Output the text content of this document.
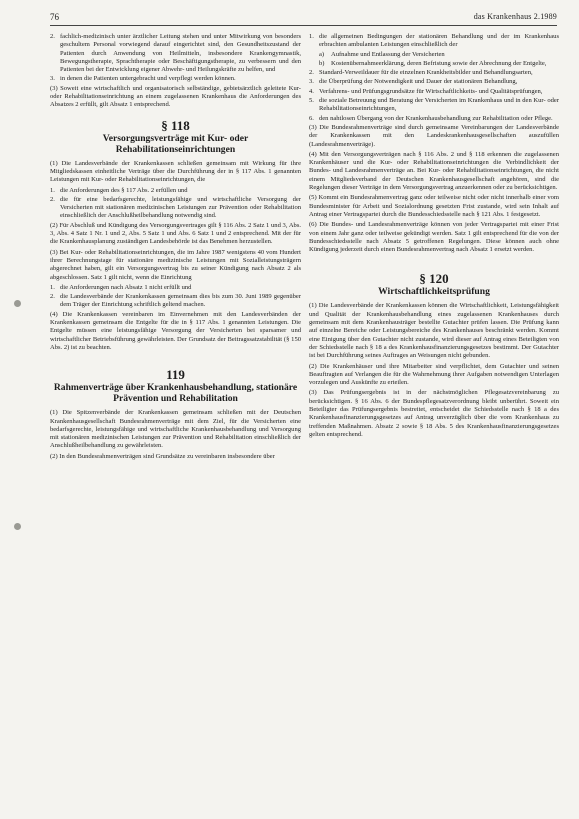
76	das Krankenhaus 2.1989
2. fachlich-medizinisch unter ärztlicher Leitung stehen und unter Mitwirkung von besonders geschultem Personal vorwiegend darauf eingerichtet sind, den Gesundheitszustand der Patienten durch Anwendung von Heilmitteln, insbesondere Krankengymnastik, Bewegungstherapie, Sprachtherapie oder Beschäftigungstherapie, zu verbessern und den Patienten bei der Entwicklung eigener Abwehr- und Heilungskräfte zu helfen, und
3. in denen die Patienten untergebracht und verpflegt werden können.
(3) Soweit eine wirtschaftlich und organisatorisch selbständige, gebietsärztlich geleitete Kur- oder Rehabilitationseinrichtung an einem zugelassenen Krankenhaus die Anforderungen des Absatzes 2 erfüllt, gilt Absatz 1 entsprechend.
§ 118
Versorgungsverträge mit Kur- oder Rehabilitationseinrichtungen
(1) Die Landesverbände der Krankenkassen schließen gemeinsam mit Wirkung für ihre Mitgliedskassen einheitliche Verträge über die Durchführung der in § 117 Abs. 1 genannten Leistungen mit Kur- oder Rehabilitationseinrichtungen, die
1. die Anforderungen des § 117 Abs. 2 erfüllen und
2. die für eine bedarfsgerechte, leistungsfähige und wirtschaftliche Versorgung der Versicherten mit stationären medizinischen Leistungen zur Prävention oder Rehabilitation einschließlich der Anschlußheilbehandlung notwendig sind.
(2) Für Abschluß und Kündigung des Versorgungsvertrages gilt § 116 Abs. 2 Satz 1 und 3, Abs. 3, Abs. 4 Satz 1 Nr. 1 und 2, Abs. 5 Satz 1 und Abs. 6 Satz 1 und 2 entsprechend. Mit der für die Krankenhausplanung zuständigen Landesbehörde ist das Benehmen herzustellen.
(3) Bei Kur- oder Rehabilitationseinrichtungen, die im Jahre 1987 wenigstens 40 vom Hundert ihrer Berechnungstage für stationäre medizinische Leistungen mit Sozialleistungsträgern abgerechnet haben, gilt ein Versorgungsvertrag bis zu seiner Kündigung nach Absatz 2 als abgeschlossen. Satz 1 gilt nicht, wenn die Einrichtung
1. die Anforderungen nach Absatz 1 nicht erfüllt und
2. die Landesverbände der Krankenkassen gemeinsam dies bis zum 30. Juni 1989 gegenüber dem Träger der Einrichtung schriftlich geltend machen.
(4) Die Krankenkassen vereinbaren im Einvernehmen mit den Landesverbänden der Krankenkassen gemeinsam die Entgelte für die in § 117 Abs. 1 genannten Leistungen. Die Entgelte müssen eine leistungsfähige Versorgung der Versicherten bei sparsamer und wirtschaftlicher Betriebsführung gewährleisten. Der Grundsatz der Beitragssatzstabilität (§ 150 Abs. 2) ist zu beachten.
119
Rahmenverträge über Krankenhausbehandlung, stationäre Prävention und Rehabilitation
(1) Die Spitzenverbände der Krankenkassen gemeinsam schließen mit der Deutschen Krankenhausgesellschaft Bundesrahmenverträge mit dem Ziel, für die Versicherten eine bedarfsgerechte, leistungsfähige und wirtschaftliche Krankenhausbehandlung und Versorgung mit stationären medizinischen Leistungen zur Prävention und Rehabilitation einschließlich der Anschlußheilbehandlung zu gewährleisten.
(2) In den Bundesrahmenverträgen sind Grundsätze zu vereinbaren insbesondere über
1. die allgemeinen Bedingungen der stationären Behandlung und der im Krankenhaus erbrachten ambulanten Leistungen einschließlich der
a) Aufnahme und Entlassung der Versicherten
b) Kostenübernahmeerklärung, deren Befristung sowie der Abrechnung der Entgelte,
2. Standard-Verweildauer für die einzelnen Krankheitsbilder und Behandlungsarten,
3. die Überprüfung der Notwendigkeit und Dauer der stationären Behandlung,
4. Verfahrens- und Prüfungsgrundsätze für Wirtschaftlichkeits- und Qualitätsprüfungen,
5. die soziale Betreuung und Beratung der Versicherten im Krankenhaus und in den Kur- oder Rehabilitationseinrichtungen,
6. den nahtlosen Übergang von der Krankenhausbehandlung zur Rehabilitation oder Pflege.
(3) Die Bundesrahmenverträge sind durch gemeinsame Vereinbarungen der Landesverbände der Krankenkassen mit den Landeskrankenhausgesellschaften auszufüllen (Landesrahmenverträge).
(4) Mit den Versorgungsverträgen nach § 116 Abs. 2 und § 118 erkennen die zugelassenen Krankenhäuser und die Kur- oder Rehabilitationseinrichtungen die Verbindlichkeit der Bundes- und Landesrahmenverträge an. Bei Kur- oder Rehabilitationseinrichtungen, die nicht einem Mitgliedsverband der Deutschen Krankenhausgesellschaft angehören, sind die Regelungen dieser Verträge in dem Versorgungsvertrag anzuerkennen oder zu berücksichtigen.
(5) Kommt ein Bundesrahmenvertrag ganz oder teilweise nicht oder nicht innerhalb einer vom Bundesminister für Arbeit und Sozialordnung gesetzten Frist zustande, wird sein Inhalt auf Antrag einer Vertragspartei durch die Bundesschiedsstelle nach § 121 Abs. 1 festgesetzt.
(6) Die Bundes- und Landesrahmenverträge können von jeder Vertragspartei mit einer Frist von einem Jahr ganz oder teilweise gekündigt werden. Satz 1 gilt entsprechend für die von der Bundesschiedsstelle nach Absatz 5 getroffenen Regelungen. Diese können auch ohne Kündigung jederzeit durch einen Bundesrahmenvertrag nach Absatz 1 ersetzt werden.
§ 120
Wirtschaftlichkeitsprüfung
(1) Die Landesverbände der Krankenkassen können die Wirtschaftlichkeit, Leistungsfähigkeit und Qualität der Krankenhausbehandlung eines zugelassenen Krankenhauses durch gemeinsam mit dem Krankenhausträger bestellte Gutachter prüfen lassen. Die Prüfung kann auf einzelne Bereiche oder Leistungsbereiche des Krankenhauses beschränkt werden. Kommt eine Einigung über den Gutachter nicht zustande, wird dieser auf Antrag eines Beteiligten von der Schiedsstelle nach § 18 a des Krankenhausfinanzierungsgesetzes bestimmt. Der Gutachter ist bei Durchführung seines Auftrages an Weisungen nicht gebunden.
(2) Die Krankenhäuser und ihre Mitarbeiter sind verpflichtet, dem Gutachter und seinen Beauftragten auf Verlangen die für die Wahrnehmung ihrer Aufgaben notwendigen Unterlagen vorzulegen und Auskünfte zu erteilen.
(3) Das Prüfungsergebnis ist in der nächstmöglichen Pflegesatzvereinbarung zu berücksichtigen. § 16 Abs. 6 der Bundespflegesatzverordnung bleibt unberührt. Soweit ein Beteiligter das Prüfungsergebnis bestreitet, entscheidet die Schiedsstelle nach § 18 a des Krankenhausfinanzierungsgesetzes auf Antrag unverzüglich über die vom Krankenhaus zu treffenden Maßnahmen. Absatz 2 sowie § 18 Abs. 5 des Krankenhausfinanzierungsgesetzes gelten entsprechend.
